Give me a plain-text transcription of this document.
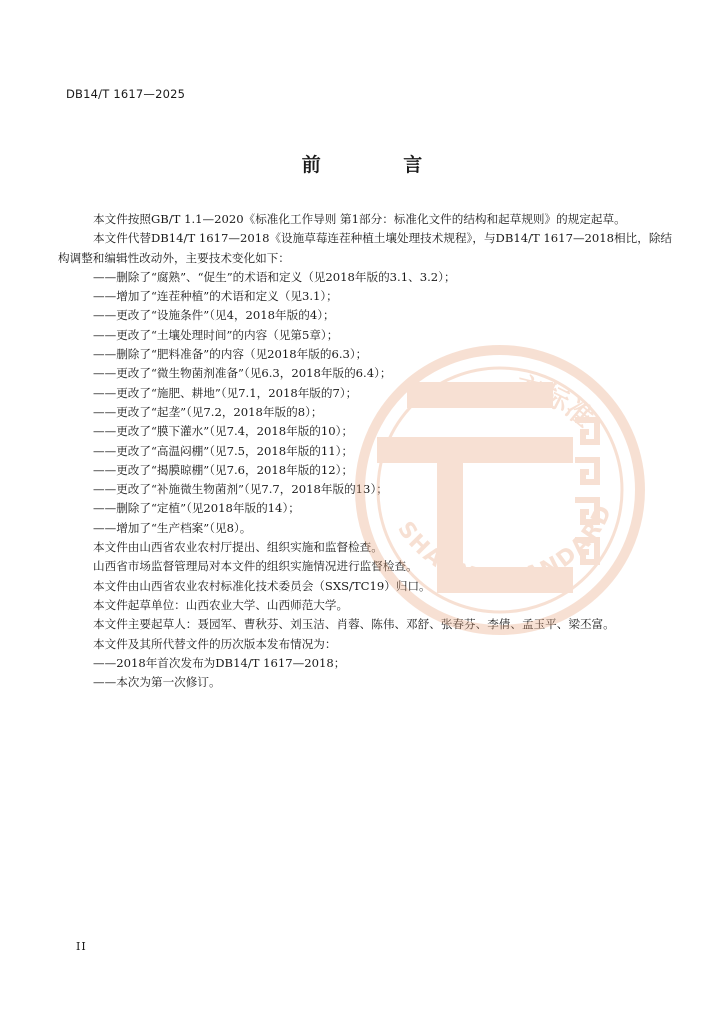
DB14/T 1617—2025
前 言

本文件按照GB/T 1.1—2020《标准化工作导则 第1部分：标准化文件的结构和起草规则》的规定起草。

本文件代替DB14/T 1617—2018《设施草莓连茬种植土壤处理技术规程》，与DB14/T 1617—2018相比，除结构调整和编辑性改动外，主要技术变化如下：

——删除了“腐熟”、“促生”的术语和定义（见2018年版的3.1、3.2）；

——增加了“连茬种植”的术语和定义（见3.1）；

——更改了“设施条件”（见4，2018年版的4）；

——更改了“土壤处理时间”的内容（见第5章）；

——删除了“肥料准备”的内容（见2018年版的6.3）；

——更改了“微生物菌剂准备”（见6.3，2018年版的6.4）；

——更改了“施肥、耕地”（见7.1，2018年版的7）；

——更改了“起垄”（见7.2，2018年版的8）；

——更改了“膜下灌水”（见7.4，2018年版的10）；

——更改了“高温闷棚”（见7.5，2018年版的11）；

——更改了“揭膜晾棚”（见7.6，2018年版的12）；

——更改了“补施微生物菌剂”（见7.7，2018年版的13）；

——删除了“定植”（见2018年版的14）；

——增加了“生产档案”（见8）。

本文件由山西省农业农村厅提出、组织实施和监督检查。

山西省市场监督管理局对本文件的组织实施情况进行监督检查。

本文件由山西省农业农村标准化技术委员会（SXS/TC19）归口。

本文件起草单位：山西农业大学、山西师范大学。

本文件主要起草人：聂园军、曹秋芬、刘玉洁、肖蓉、陈伟、邓舒、张春芬、李倩、孟玉平、梁丕富。

本文件及其所代替文件的历次版本发布情况为：

——2018年首次发布为DB14/T 1617—2018；

——本次为第一次修订。

方标准
SHANXI STANDARD
II
